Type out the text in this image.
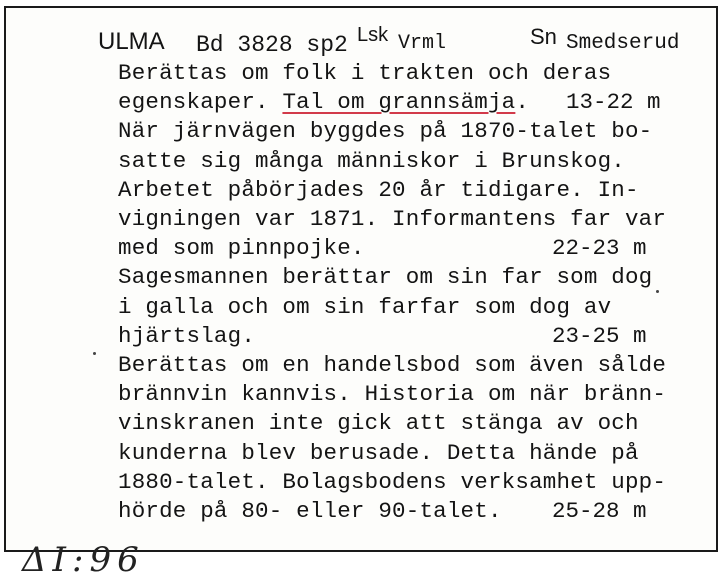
ULMA Bd 3828 sp2 Lsk Vrml	Sn Smedserud
Berättas om folk i trakten och deras
egenskaper. Tal om grannsämja. 13-22 m
När järnvägen byggdes på 1870-talet bo-
satte sig många människor i Brunskog.
Arbetet påbörjades 20 år tidigare. In-
vigningen var 1871. Informantens far var
med som pinnpojke.	22-23 m
Sagesmannen berättar om sin far som dog
i galla och om sin farfar som dog av
hjärtslag.	23-25 m
Berättas om en handelsbod som även sålde
brännvin kannvis. Historia om när bränn-
vinskranen inte gick att stänga av och
kunderna blev berusade. Detta hände på
1880-talet. Bolagsbodens verksamhet upp-
hörde på 80- eller 90-talet. 25-28 m
ΔI:96
